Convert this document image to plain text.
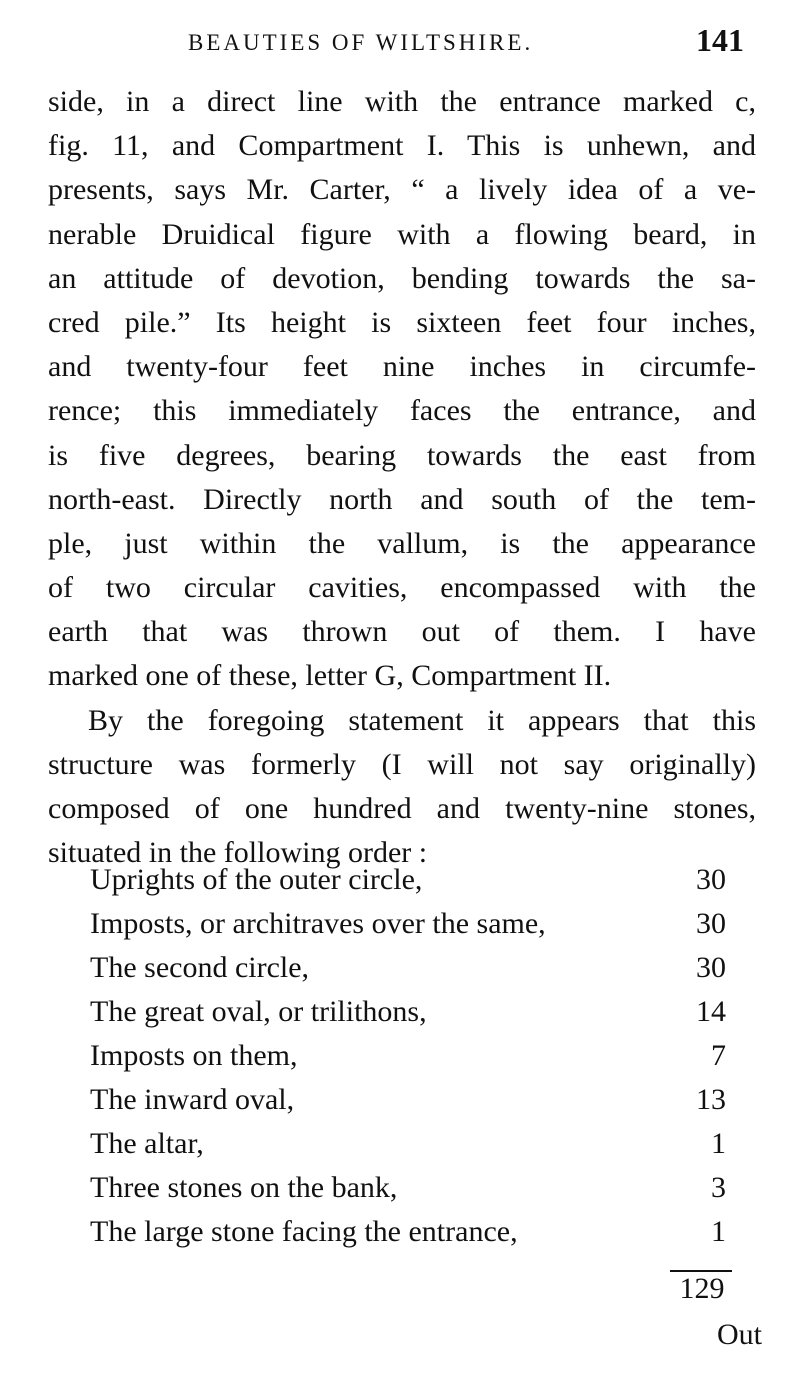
BEAUTIES OF WILTSHIRE.	141
side, in a direct line with the entrance marked c,
fig. 11, and Compartment I. This is unhewn, and
presents, says Mr. Carter, “ a lively idea of a ve-
nerable Druidical figure with a flowing beard, in
an attitude of devotion, bending towards the sa-
cred pile.” Its height is sixteen feet four inches,
and twenty-four feet nine inches in circumfe-
rence; this immediately faces the entrance, and
is five degrees, bearing towards the east from
north-east. Directly north and south of the tem-
ple, just within the vallum, is the appearance
of two circular cavities, encompassed with the
earth that was thrown out of them. I have
marked one of these, letter G, Compartment II.
By the foregoing statement it appears that this
structure was formerly (I will not say originally)
composed of one hundred and twenty-nine stones,
situated in the following order :
Uprights of the outer circle,	30
Imposts, or architraves over the same,	30
The second circle,	30
The great oval, or trilithons,	14
Imposts on them,	7
The inward oval,	13
The altar,	1
Three stones on the bank,	3
The large stone facing the entrance,	1
129
Out
